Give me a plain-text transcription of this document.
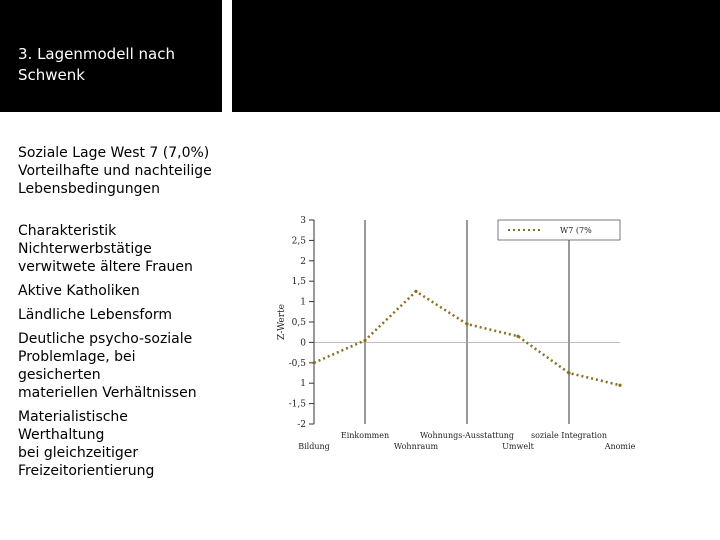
3. Lagenmodell nach
Schwenk
Soziale Lage West 7 (7,0%)
Vorteilhafte und nachteilige
Lebensbedingungen
Charakteristik
Nichterwerbstätige
verwitwete ältere Frauen
Aktive Katholiken
Ländliche Lebensform
Deutliche psycho-soziale
Problemlage, bei gesicherten
materiellen Verhältnissen
Materialistische Werthaltung
bei gleichzeitiger
Freizeitorientierung
3
2,5
2
1,5
1
0,5
0
-0,5
1
-1,5
-2
Z-Werte
Einkommen	Wohnungs-Ausstattung soziale Integration
Bildung	Wohnraum	Umwelt	Anomie
W7 (7%
